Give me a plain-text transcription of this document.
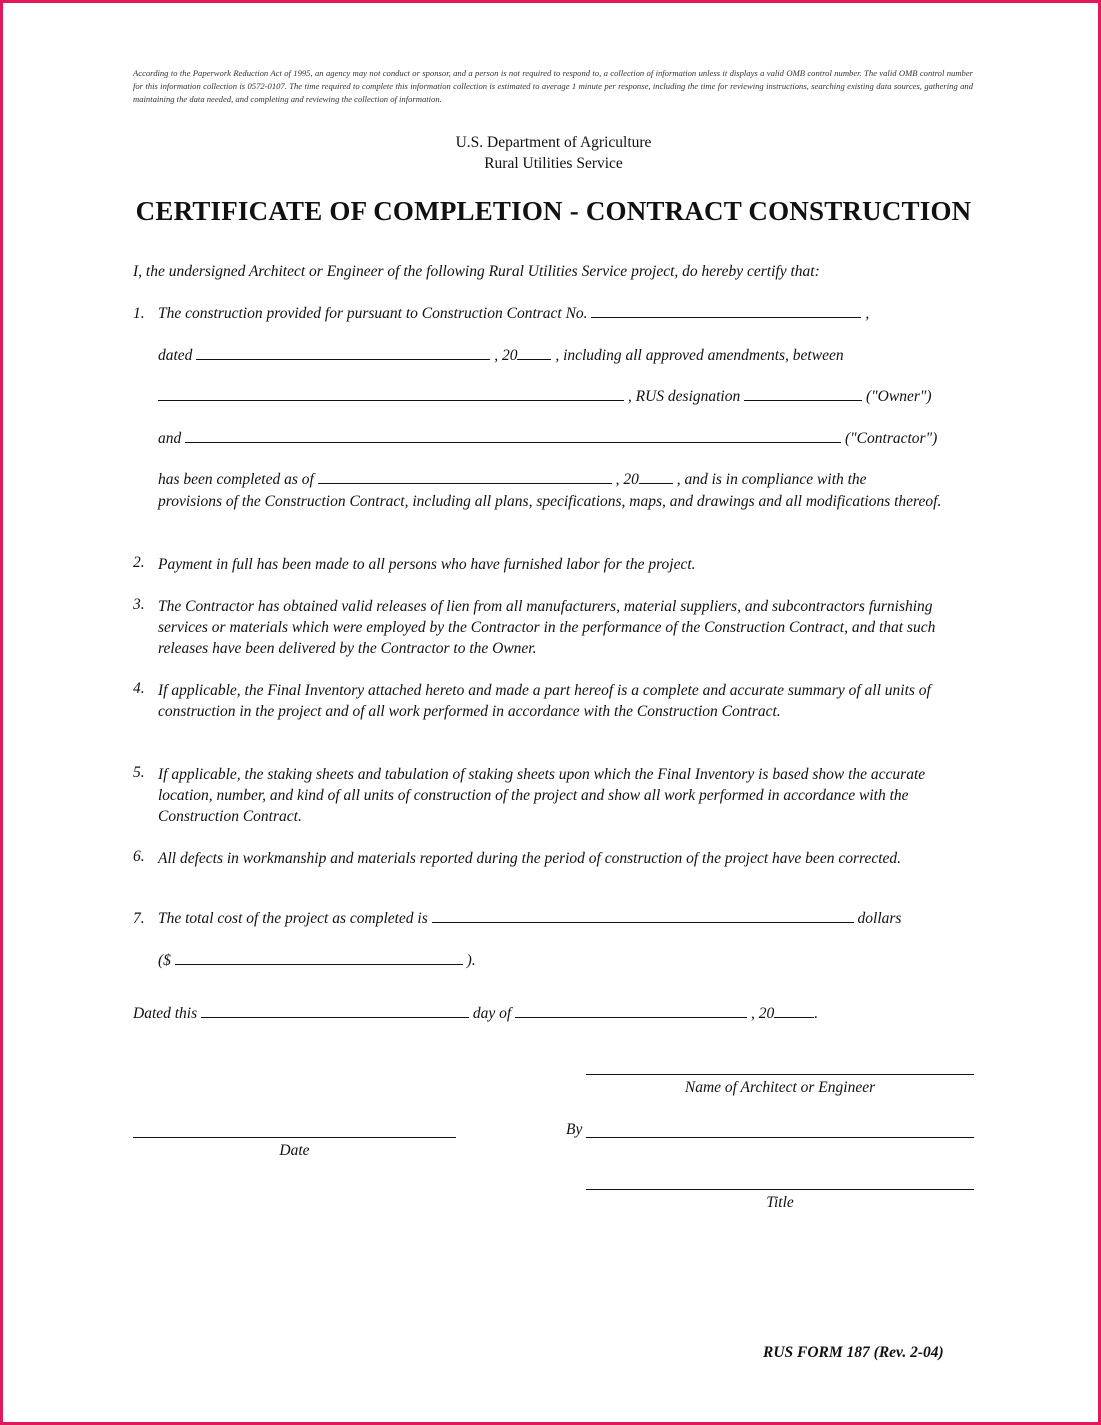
According to the Paperwork Reduction Act of 1995, an agency may not conduct or sponsor, and a person is not required to respond to, a collection of information unless it displays a valid OMB control number. The valid OMB control number for this information collection is 0572-0107. The time required to complete this information collection is estimated to average 1 minute per response, including the time for reviewing instructions, searching existing data sources, gathering and maintaining the data needed, and completing and reviewing the collection of information.

U.S. Department of Agriculture
Rural Utilities Service
CERTIFICATE OF COMPLETION - CONTRACT CONSTRUCTION
I, the undersigned Architect or Engineer of the following Rural Utilities Service project, do hereby certify that:
1. The construction provided for pursuant to Construction Contract No.	,
dated	, 20 , including all approved amendments, between
, RUS designation	("Owner")
and	("Contractor")
has been completed as of	, 20 , and is in compliance with the

provisions of the Construction Contract, including all plans, specifications, maps, and drawings and all modifications thereof.

2. Payment in full has been made to all persons who have furnished labor for the project.

3. The Contractor has obtained valid releases of lien from all manufacturers, material suppliers, and subcontractors furnishing services or materials which were employed by the Contractor in the performance of the Construction Contract, and that such releases have been delivered by the Contractor to the Owner.

4. If applicable, the Final Inventory attached hereto and made a part hereof is a complete and accurate summary of all units of construction in the project and of all work performed in accordance with the Construction Contract.

5. If applicable, the staking sheets and tabulation of staking sheets upon which the Final Inventory is based show the accurate location, number, and kind of all units of construction of the project and show all work performed in accordance with the Construction Contract.

6. All defects in workmanship and materials reported during the period of construction of the project have been corrected.

7. The total cost of the project as completed is	dollars
($	).
Dated this	day of	, 20	.
Name of Architect or Engineer
Date
By
Title
RUS FORM 187 (Rev. 2-04)
